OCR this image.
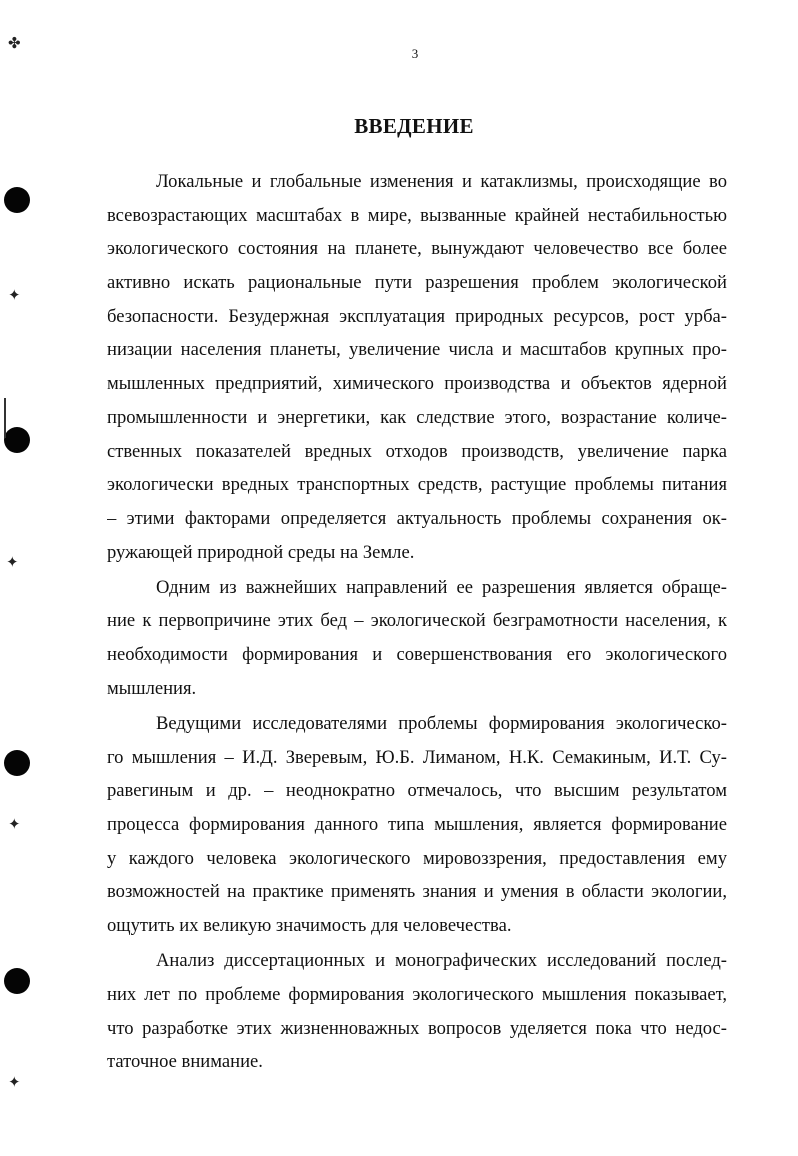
✤
✦
✦
✦
✦
3
ВВЕДЕНИЕ
Локальные и глобальные изменения и катаклизмы, происходящие во
всевозрастающих масштабах в мире, вызванные крайней нестабильностью
экологического состояния на планете, вынуждают человечество все более
активно искать рациональные пути разрешения проблем экологической
безопасности. Безудержная эксплуатация природных ресурсов, рост урба-
низации населения планеты, увеличение числа и масштабов крупных про-
мышленных предприятий, химического производства и объектов ядерной
промышленности и энергетики, как следствие этого, возрастание количе-
ственных показателей вредных отходов производств, увеличение парка
экологически вредных транспортных средств, растущие проблемы питания
– этими факторами определяется актуальность проблемы сохранения ок-
ружающей природной среды на Земле.
Одним из важнейших направлений ее разрешения является обраще-
ние к первопричине этих бед – экологической безграмотности населения, к
необходимости формирования и совершенствования его экологического
мышления.
Ведущими исследователями проблемы формирования экологическо-
го мышления – И.Д. Зверевым, Ю.Б. Лиманом, Н.К. Семакиным, И.Т. Су-
равегиным и др. – неоднократно отмечалось, что высшим результатом
процесса формирования данного типа мышления, является формирование
у каждого человека экологического мировоззрения, предоставления ему
возможностей на практике применять знания и умения в области экологии,
ощутить их великую значимость для человечества.
Анализ диссертационных и монографических исследований послед-
них лет по проблеме формирования экологического мышления показывает,
что разработке этих жизненноважных вопросов уделяется пока что недос-
таточное внимание.
